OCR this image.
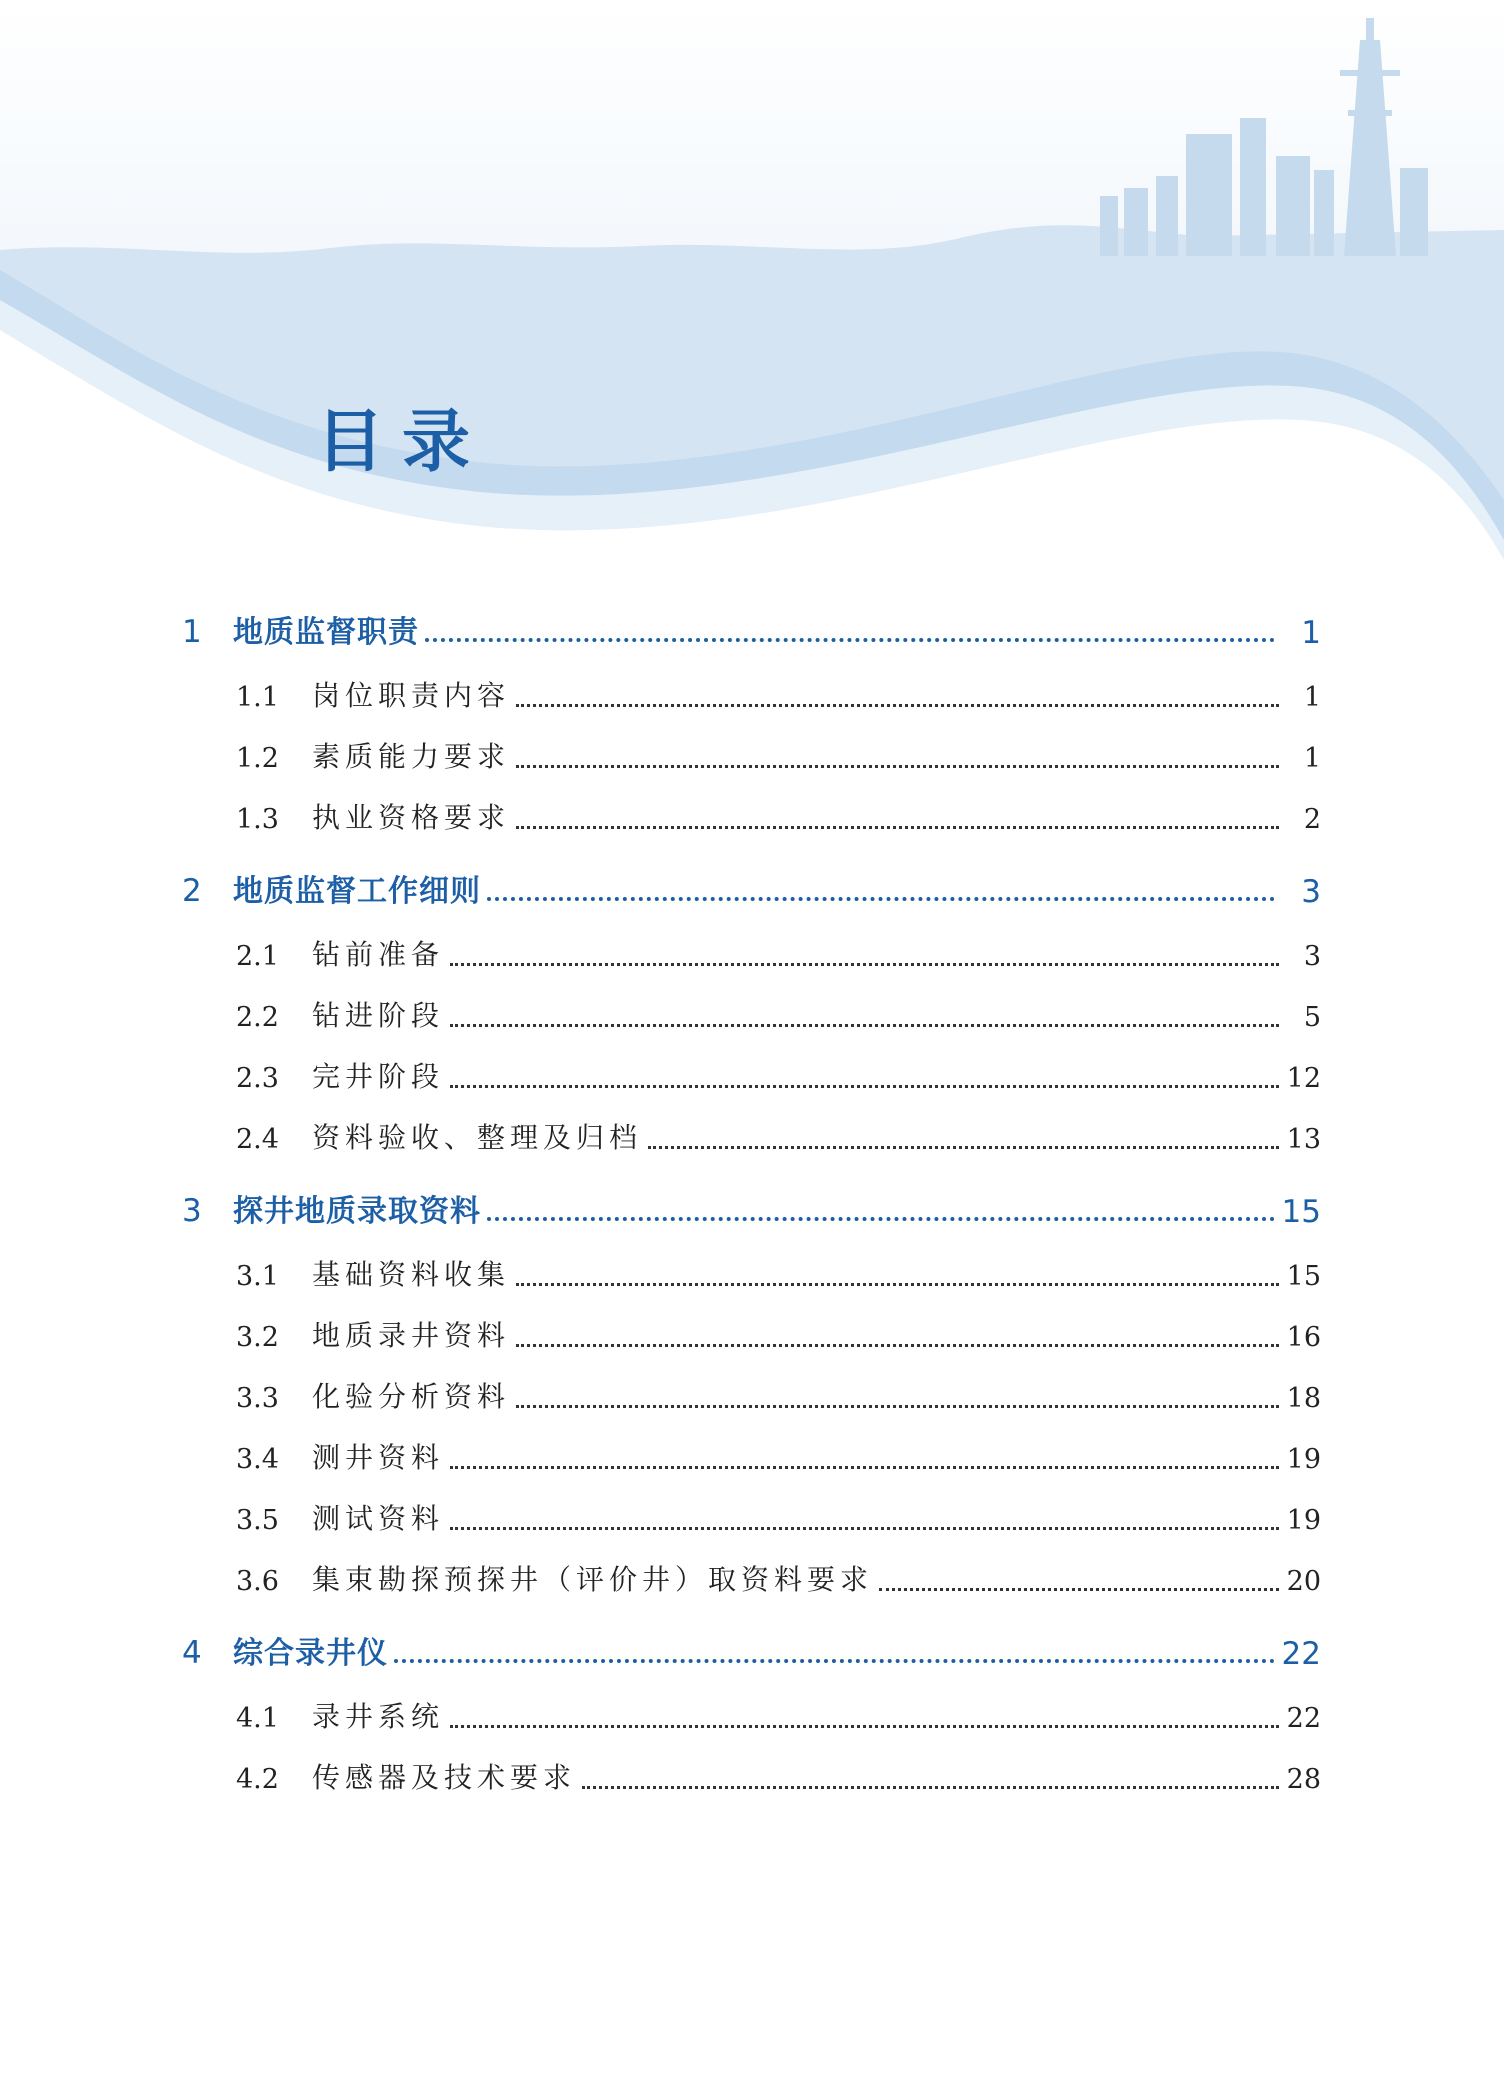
目录
1 地质监督职责	1
1.1 岗位职责内容	1
1.2 素质能力要求	1
1.3 执业资格要求	2
2 地质监督工作细则	3
2.1 钻前准备	3
2.2 钻进阶段	5
2.3 完井阶段	12
2.4 资料验收、整理及归档	13
3 探井地质录取资料	15
3.1 基础资料收集	15
3.2 地质录井资料	16
3.3 化验分析资料	18
3.4 测井资料	19
3.5 测试资料	19
3.6 集束勘探预探井（评价井）取资料要求	20
4 综合录井仪	22
4.1 录井系统	22
4.2 传感器及技术要求	28
